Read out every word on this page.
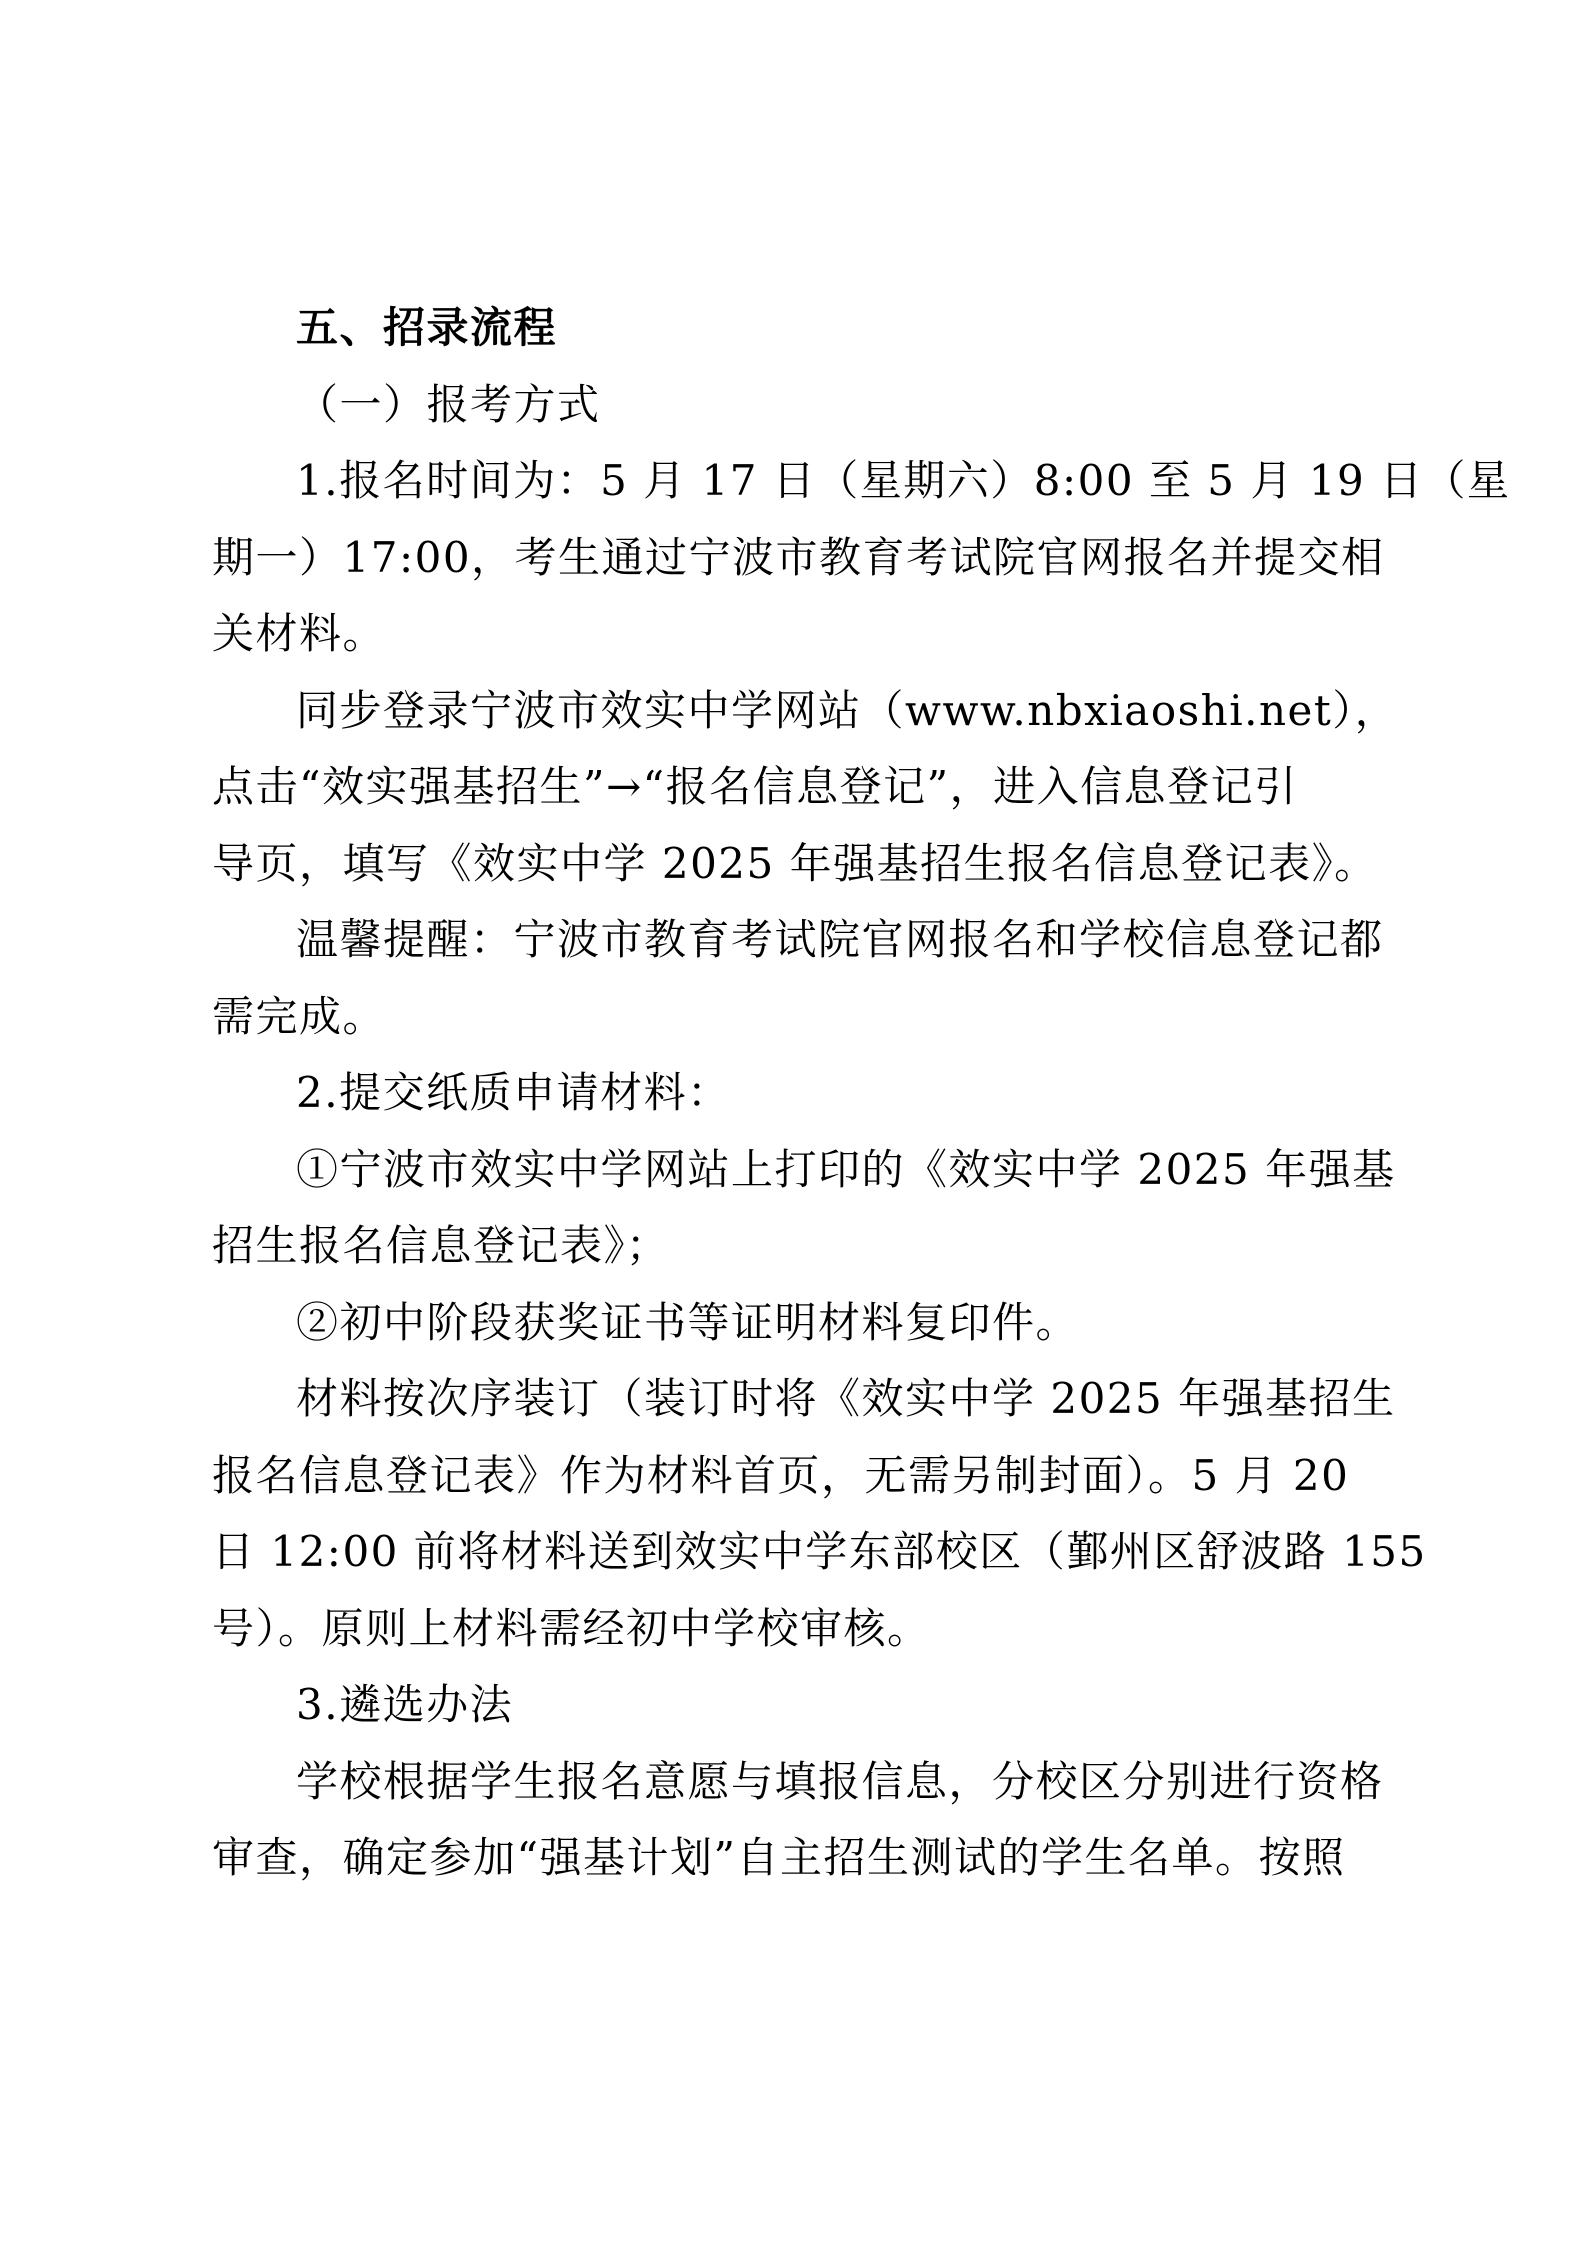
五、招录流程
（一）报考方式
1.报名时间为：5 月 17 日（星期六）8:00 至 5 月 19 日（星
期一）17:00，考生通过宁波市教育考试院官网报名并提交相
关材料。
同步登录宁波市效实中学网站（www.nbxiaoshi.net），
点击“效实强基招生”→“报名信息登记”，进入信息登记引
导页，填写《效实中学 2025 年强基招生报名信息登记表》。
温馨提醒：宁波市教育考试院官网报名和学校信息登记都
需完成。
2.提交纸质申请材料：
①宁波市效实中学网站上打印的《效实中学 2025 年强基
招生报名信息登记表》；
②初中阶段获奖证书等证明材料复印件。
材料按次序装订（装订时将《效实中学 2025 年强基招生
报名信息登记表》作为材料首页，无需另制封面）。5 月 20
日 12:00 前将材料送到效实中学东部校区（鄞州区舒波路 155
号）。原则上材料需经初中学校审核。
3.遴选办法
学校根据学生报名意愿与填报信息，分校区分别进行资格
审查，确定参加“强基计划”自主招生测试的学生名单。按照
